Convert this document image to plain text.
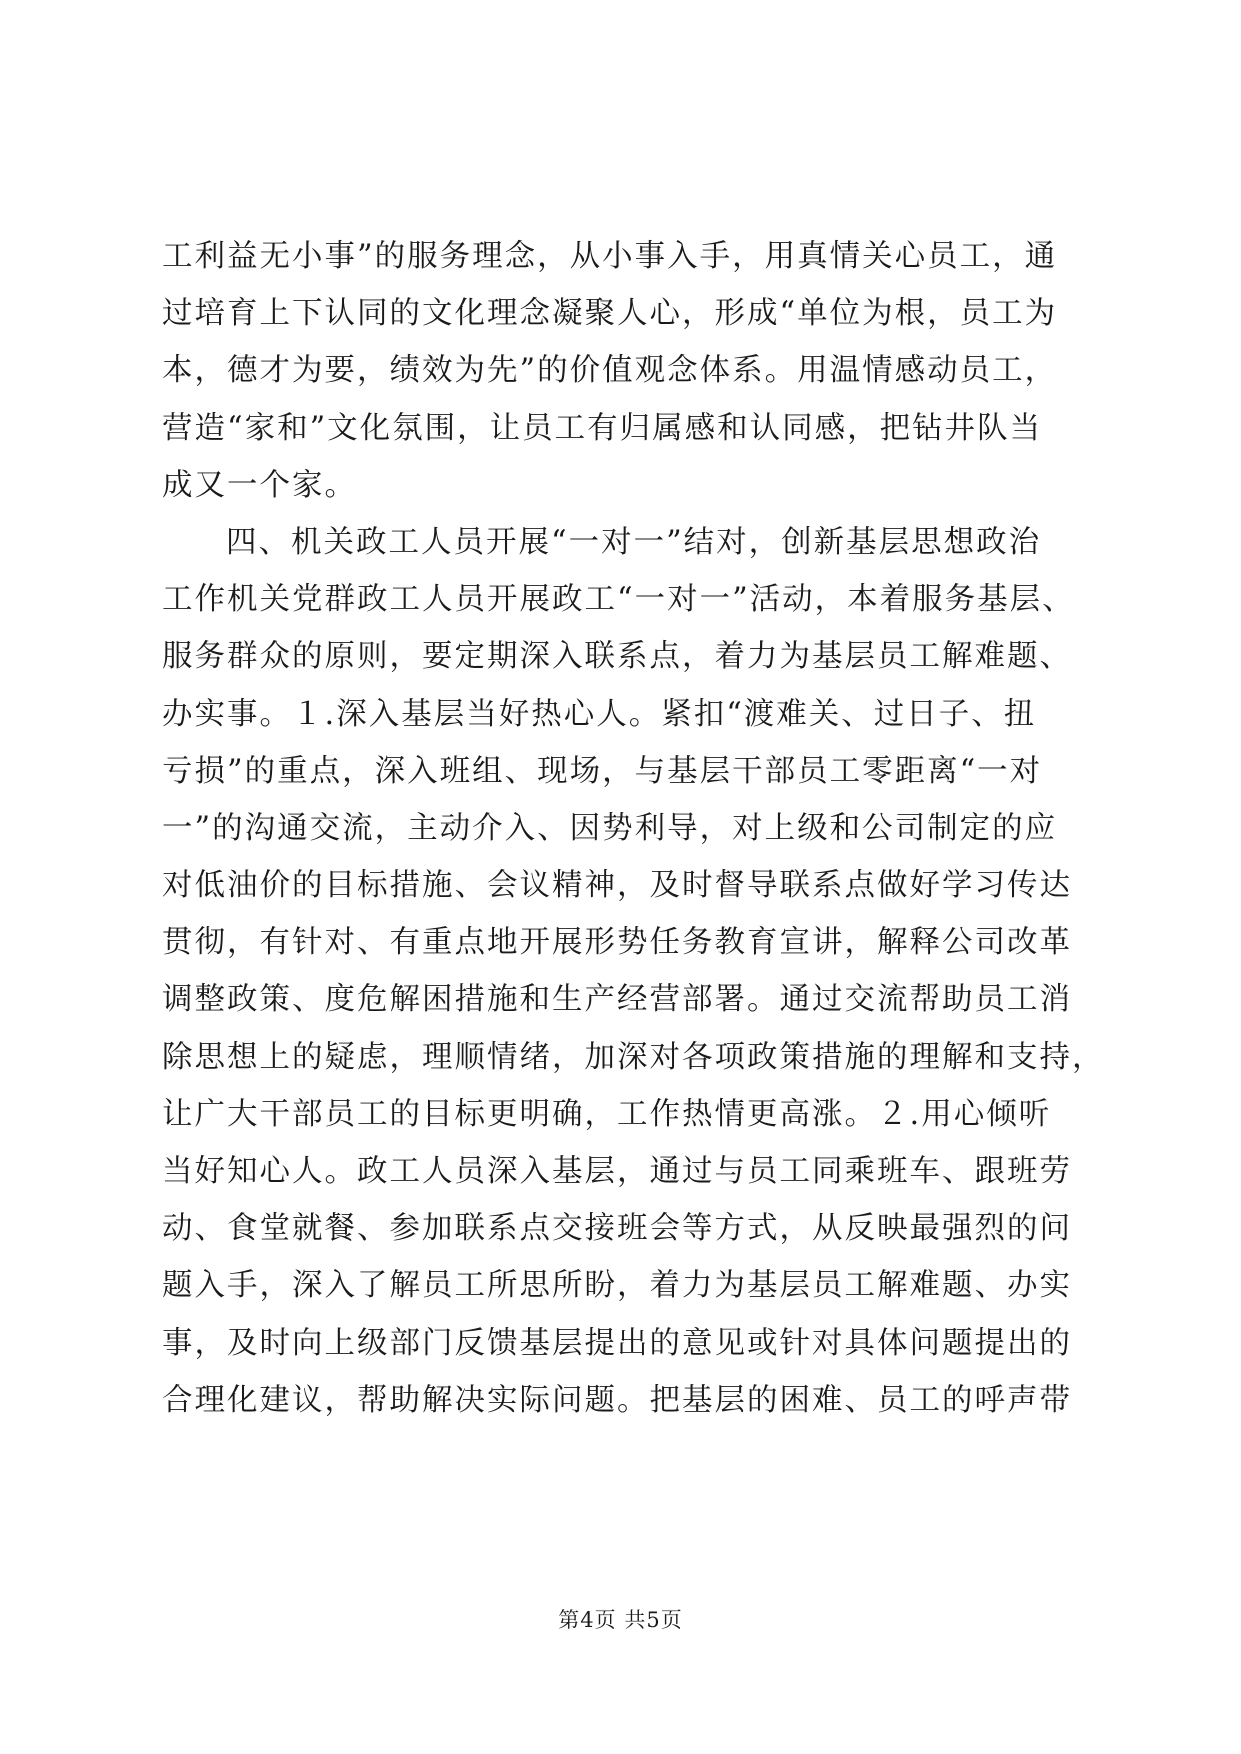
工利益无小事”的服务理念，从小事入手，用真情关心员工，通
过培育上下认同的文化理念凝聚人心，形成“单位为根，员工为
本，德才为要，绩效为先”的价值观念体系。用温情感动员工，
营造“家和”文化氛围，让员工有归属感和认同感，把钻井队当
成又一个家。
四、机关政工人员开展“一对一”结对，创新基层思想政治
工作机关党群政工人员开展政工“一对一”活动，本着服务基层、
服务群众的原则，要定期深入联系点，着力为基层员工解难题、
办实事。１.深入基层当好热心人。紧扣“渡难关、过日子、扭
亏损”的重点，深入班组、现场，与基层干部员工零距离“一对
一”的沟通交流，主动介入、因势利导，对上级和公司制定的应
对低油价的目标措施、会议精神，及时督导联系点做好学习传达
贯彻，有针对、有重点地开展形势任务教育宣讲，解释公司改革
调整政策、度危解困措施和生产经营部署。通过交流帮助员工消
除思想上的疑虑，理顺情绪，加深对各项政策措施的理解和支持，
让广大干部员工的目标更明确，工作热情更高涨。２.用心倾听
当好知心人。政工人员深入基层，通过与员工同乘班车、跟班劳
动、食堂就餐、参加联系点交接班会等方式，从反映最强烈的问
题入手，深入了解员工所思所盼，着力为基层员工解难题、办实
事，及时向上级部门反馈基层提出的意见或针对具体问题提出的
合理化建议，帮助解决实际问题。把基层的困难、员工的呼声带
第4页 共5页
